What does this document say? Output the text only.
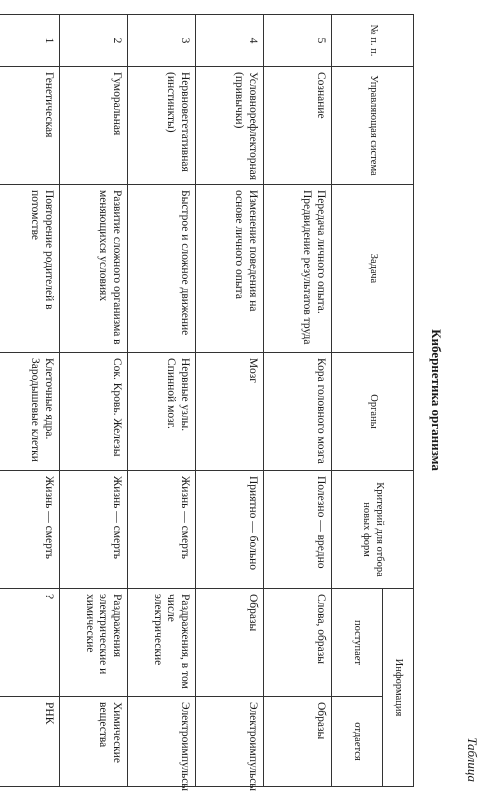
Таблица
Кибернетика организма
№ п. п.	Управляющая система	Задача	Органы	Критерий для отбора новых форм	Информация	
					поступает	отдается
5	Сознание	Передача личного опыта. Предвидение результатов труда	Кора головного мозга	Полезно — вредно	Слова, образы	Образы
4	Условнорефлекторная (привычки)	Изменение поведения на основе личного опыта	Мозг	Приятно — больно	Образы	Электроимпульсы
3	Нервновегетативная (инстинкты)	Быстрое и сложное движение	Нервные узлы. Спинной мозг.	Жизнь — смерть	Раздражения, в том числе электрические	Электроимпульсы
2	Гуморальная	Развитие сложного организма в меняющихся условиях	Сок. Кровь. Железы	Жизнь — смерть	Раздражения электрические и химические	Химические вещества
1	Генетическая	Повторение родителей в потомстве	Клеточные ядра. Зародышевые клетки	Жизнь — смерть	?	РНК
